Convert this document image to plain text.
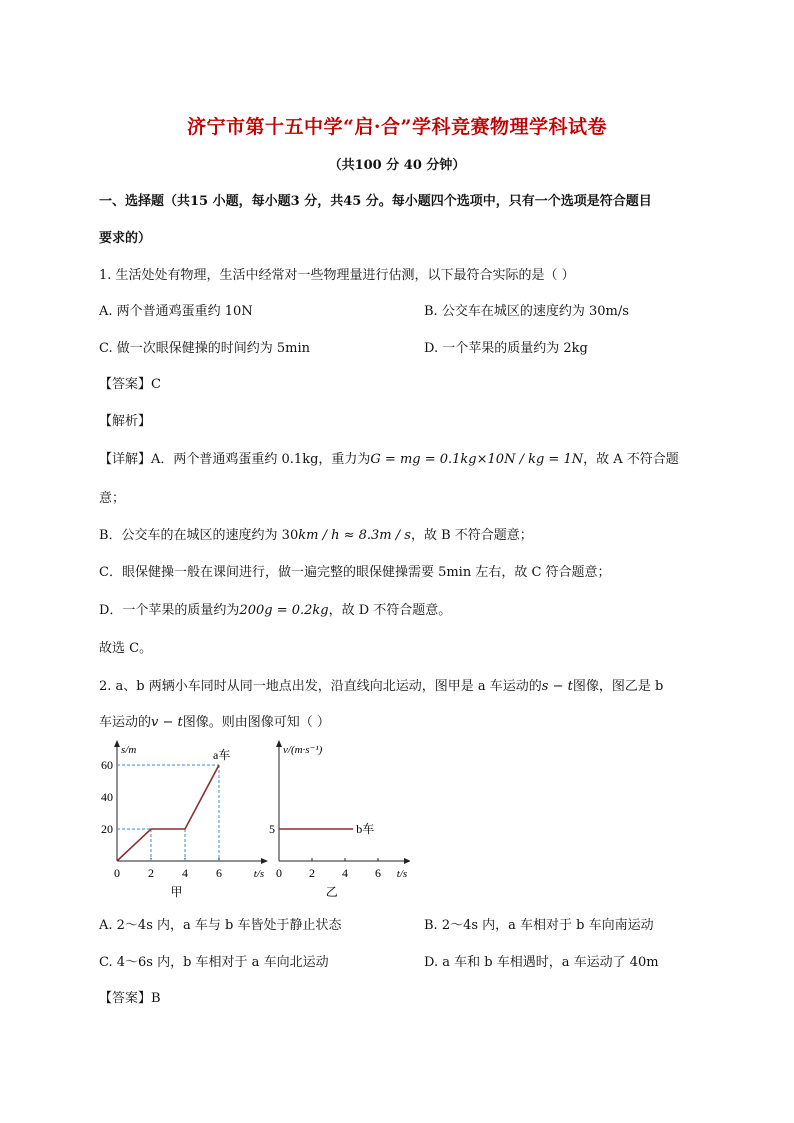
济宁市第十五中学“启·合”学科竞赛物理学科试卷
（共100 分 40 分钟）
一、选择题（共15 小题，每小题3 分，共45 分。每小题四个选项中，只有一个选项是符合题目
要求的）
1. 生活处处有物理，生活中经常对一些物理量进行估测，以下最符合实际的是（ ）
A. 两个普通鸡蛋重约 10N	B. 公交车在城区的速度约为 30m/s
C. 做一次眼保健操的时间约为 5min	D. 一个苹果的质量约为 2kg
【答案】C
【解析】
【详解】A．两个普通鸡蛋重约 0.1kg，重力为G = mg = 0.1kg×10N / kg = 1N，故 A 不符合题
意；
B．公交车的在城区的速度约为 30km / h ≈ 8.3m / s，故 B 不符合题意；
C．眼保健操一般在课间进行，做一遍完整的眼保健操需要 5min 左右，故 C 符合题意；
D．一个苹果的质量约为200g = 0.2kg，故 D 不符合题意。
故选 C。
2. a、b 两辆小车同时从同一地点出发，沿直线向北运动，图甲是 a 车运动的s − t图像，图乙是 b
车运动的v − t图像。则由图像可知（ ）
s/m
t/s
0 2 4 6
20
40
60
a车
甲
v/(m·s⁻¹)
t/s
0 2 4 6
5	b车
乙
A. 2～4s 内，a 车与 b 车皆处于静止状态	B. 2～4s 内，a 车相对于 b 车向南运动
C. 4～6s 内，b 车相对于 a 车向北运动	D. a 车和 b 车相遇时，a 车运动了 40m
【答案】B
